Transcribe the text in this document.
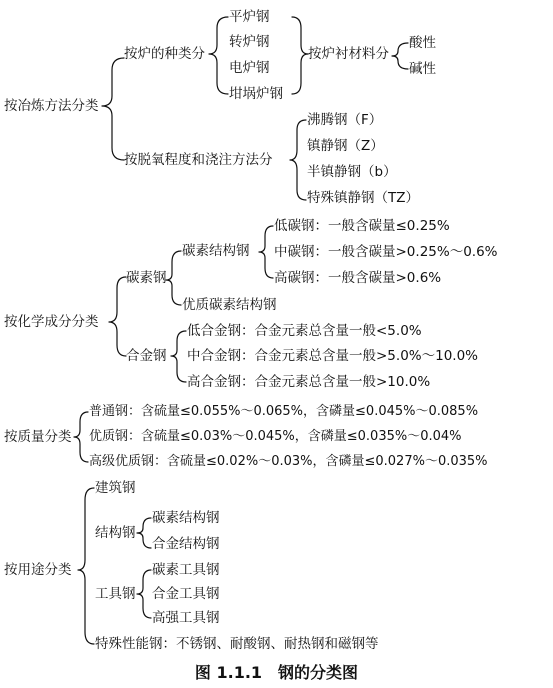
按冶炼方法分类
按炉的种类分
平炉钢
转炉钢
电炉钢
坩埚炉钢
按炉衬材料分
酸性
碱性
按脱氧程度和浇注方法分
沸腾钢（F）
镇静钢（Z）
半镇静钢（b）
特殊镇静钢（TZ）
按化学成分分类
碳素钢
碳素结构钢
低碳钢：一般含碳量≤0.25%
中碳钢：一般含碳量>0.25%～0.6%
高碳钢：一般含碳量>0.6%
优质碳素结构钢
合金钢
低合金钢：合金元素总含量一般<5.0%
中合金钢：合金元素总含量一般>5.0%～10.0%
高合金钢：合金元素总含量一般>10.0%
按质量分类
普通钢：含硫量≤0.055%～0.065%，含磷量≤0.045%～0.085%
优质钢：含硫量≤0.03%～0.045%，含磷量≤0.035%～0.04%
高级优质钢：含硫量≤0.02%～0.03%，含磷量≤0.027%～0.035%
按用途分类
建筑钢
结构钢
碳素结构钢
合金结构钢
工具钢
碳素工具钢
合金工具钢
高强工具钢
特殊性能钢：不锈钢、耐酸钢、耐热钢和磁钢等
图 1.1.1　钢的分类图
